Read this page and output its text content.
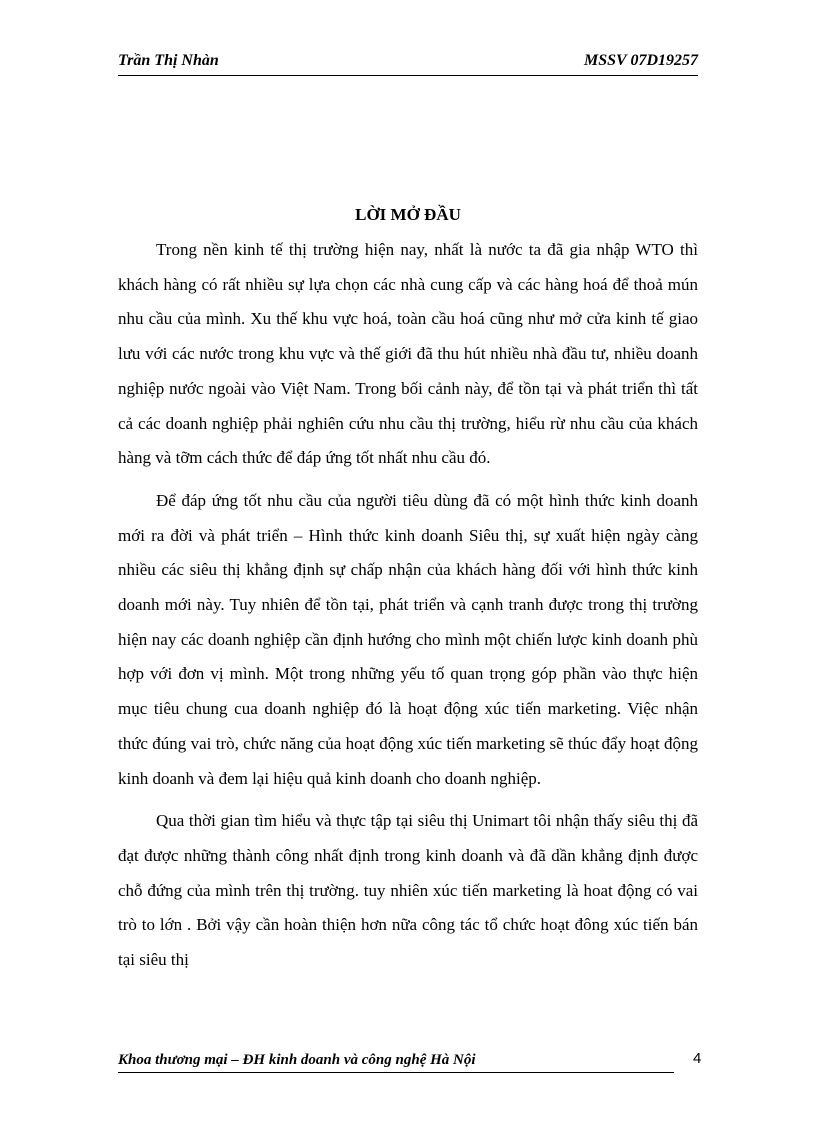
Trần Thị Nhàn	MSSV 07D19257
LỜI MỞ ĐẦU

Trong nền kinh tế thị trường hiện nay, nhất là nước ta đã gia nhập WTO thì khách hàng có rất nhiều sự lựa chọn các nhà cung cấp và các hàng hoá để thoả mún nhu cầu của mình. Xu thế khu vực hoá, toàn cầu hoá cũng như mở cửa kinh tế giao lưu với các nước trong khu vực và thế giới đã thu hút nhiều nhà đầu tư, nhiều doanh nghiệp nước ngoài vào Việt Nam. Trong bối cảnh này, để tồn tại và phát triển thì tất cả các doanh nghiệp phải nghiên cứu nhu cầu thị trường, hiểu rừ nhu cầu của khách hàng và tỡm cách thức để đáp ứng tốt nhất nhu cầu đó.

Để đáp ứng tốt nhu cầu của người tiêu dùng đã có một hình thức kinh doanh mới ra đời và phát triển – Hình thức kinh doanh Siêu thị, sự xuất hiện ngày càng nhiều các siêu thị khẳng định sự chấp nhận của khách hàng đối với hình thức kinh doanh mới này. Tuy nhiên để tồn tại, phát triển và cạnh tranh được trong thị trường hiện nay các doanh nghiệp cần định hướng cho mình một chiến lược kinh doanh phù hợp với đơn vị mình. Một trong những yếu tố quan trọng góp phần vào thực hiện mục tiêu chung cua doanh nghiệp đó là hoạt động xúc tiến marketing. Việc nhận thức đúng vai trò, chức năng của hoạt động xúc tiến marketing sẽ thúc đẩy hoạt động kinh doanh và đem lại hiệu quả kinh doanh cho doanh nghiệp.

Qua thời gian tìm hiểu và thực tập tại siêu thị Unimart tôi nhận thấy siêu thị đã đạt được những thành công nhất định trong kinh doanh và đã dần khẳng định được chỗ đứng của mình trên thị trường. tuy nhiên xúc tiến marketing là hoat động có vai trò to lớn . Bởi vậy cần hoàn thiện hơn nữa công tác tổ chức hoạt đông xúc tiến bán tại siêu thị

Khoa thương mại – ĐH kinh doanh và công nghệ Hà Nội	4
